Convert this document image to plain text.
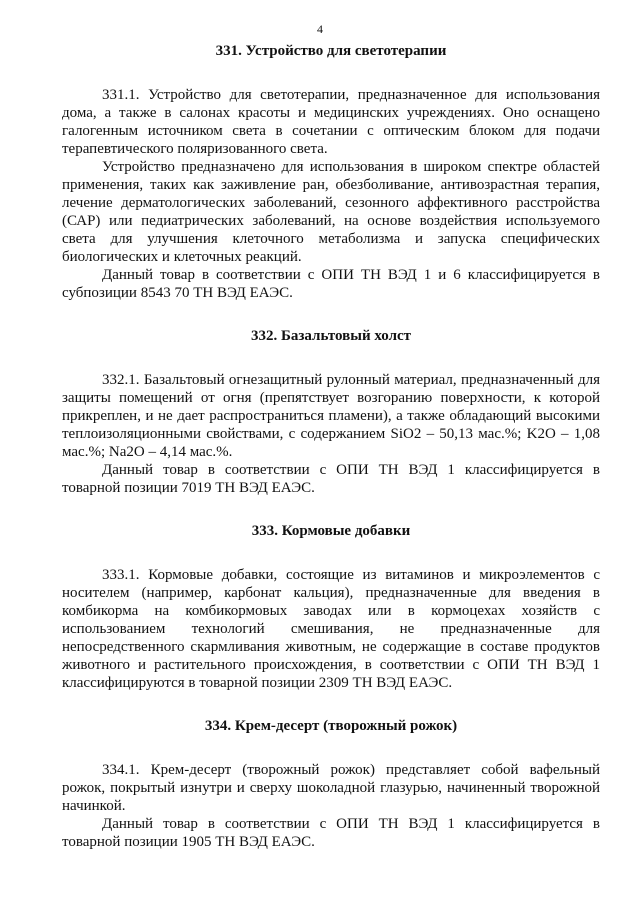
4
331. Устройство для светотерапии

331.1. Устройство для светотерапии, предназначенное для использования дома, а также в салонах красоты и медицинских учреждениях. Оно оснащено галогенным источником света в сочетании с оптическим блоком для подачи терапевтического поляризованного света.

Устройство предназначено для использования в широком спектре областей применения, таких как заживление ран, обезболивание, антивозрастная терапия, лечение дерматологических заболеваний, сезонного аффективного расстройства (САР) или педиатрических заболеваний, на основе воздействия используемого света для улучшения клеточного метаболизма и запуска специфических биологических и клеточных реакций.

Данный товар в соответствии с ОПИ ТН ВЭД 1 и 6 классифицируется в субпозиции 8543 70 ТН ВЭД ЕАЭС.

332. Базальтовый холст

332.1. Базальтовый огнезащитный рулонный материал, предназначенный для защиты помещений от огня (препятствует возгоранию поверхности, к которой прикреплен, и не дает распространиться пламени), а также обладающий высокими теплоизоляционными свойствами, с содержанием SiO2 – 50,13 мас.%; K2O – 1,08 мас.%; Na2O – 4,14 мас.%.

Данный товар в соответствии с ОПИ ТН ВЭД 1 классифицируется в товарной позиции 7019 ТН ВЭД ЕАЭС.

333. Кормовые добавки

333.1. Кормовые добавки, состоящие из витаминов и микроэлементов с носителем (например, карбонат кальция), предназначенные для введения в комбикорма на комбикормовых заводах или в кормоцехах хозяйств с использованием технологий смешивания, не предназначенные для непосредственного скармливания животным, не содержащие в составе продуктов животного и растительного происхождения, в соответствии с ОПИ ТН ВЭД 1 классифицируются в товарной позиции 2309 ТН ВЭД ЕАЭС.

334. Крем-десерт (творожный рожок)

334.1. Крем-десерт (творожный рожок) представляет собой вафельный рожок, покрытый изнутри и сверху шоколадной глазурью, начиненный творожной начинкой.

Данный товар в соответствии с ОПИ ТН ВЭД 1 классифицируется в товарной позиции 1905 ТН ВЭД ЕАЭС.
